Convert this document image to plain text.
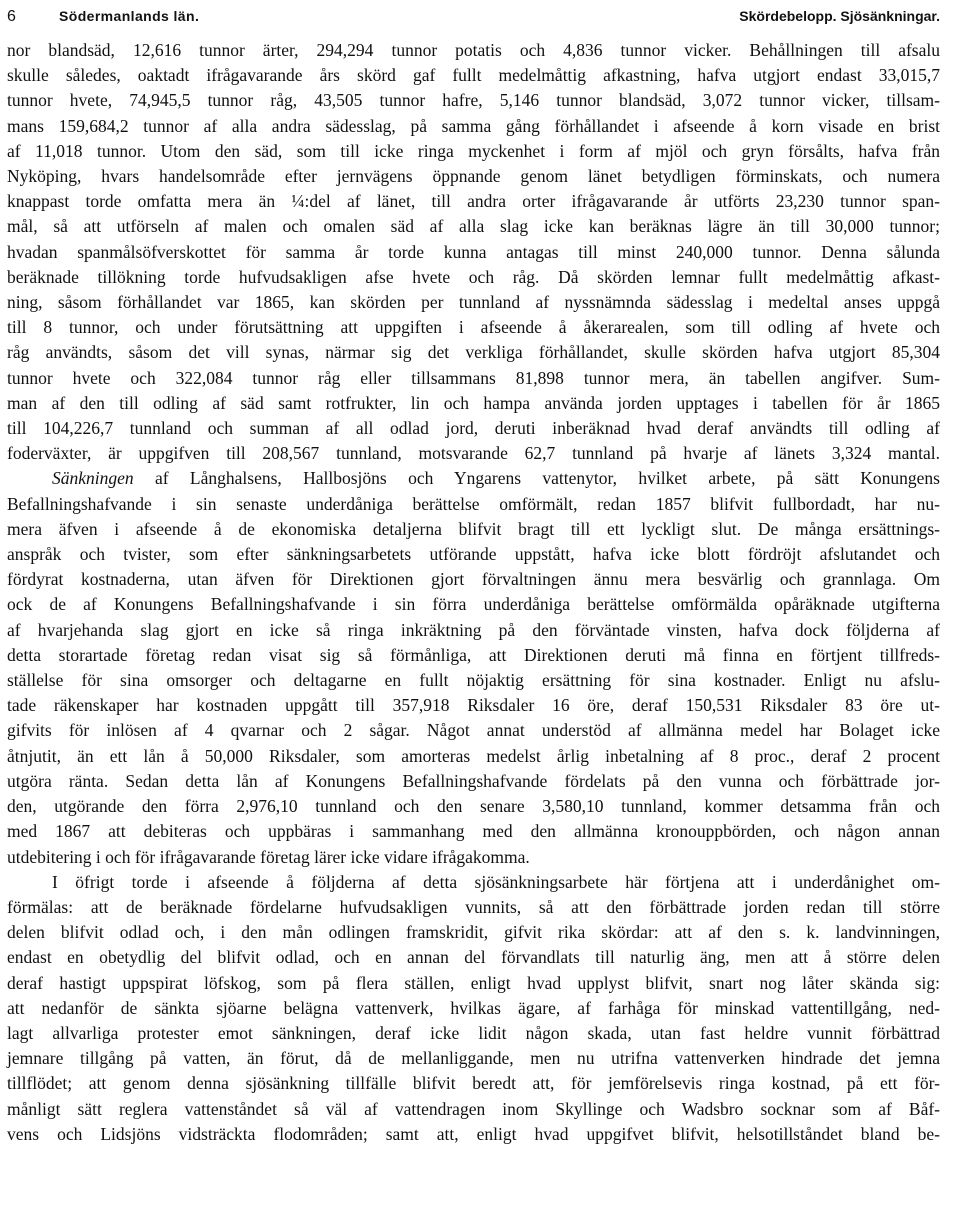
6	Södermanlands län.	Skördebelopp. Sjösänkningar.
nor blandsäd, 12,616 tunnor ärter, 294,294 tunnor potatis och 4,836 tunnor vicker. Behållningen till afsalu
skulle således, oaktadt ifrågavarande års skörd gaf fullt medelmåttig afkastning, hafva utgjort endast 33,015,7
tunnor hvete, 74,945,5 tunnor råg, 43,505 tunnor hafre, 5,146 tunnor blandsäd, 3,072 tunnor vicker, tillsam-
mans 159,684,2 tunnor af alla andra sädesslag, på samma gång förhållandet i afseende å korn visade en brist
af 11,018 tunnor. Utom den säd, som till icke ringa myckenhet i form af mjöl och gryn försålts, hafva från
Nyköping, hvars handelsområde efter jernvägens öppnande genom länet betydligen förminskats, och numera
knappast torde omfatta mera än ¼:del af länet, till andra orter ifrågavarande år utförts 23,230 tunnor span-
mål, så att utförseln af malen och omalen säd af alla slag icke kan beräknas lägre än till 30,000 tunnor;
hvadan spanmålsöfverskottet för samma år torde kunna antagas till minst 240,000 tunnor. Denna sålunda
beräknade tillökning torde hufvudsakligen afse hvete och råg. Då skörden lemnar fullt medelmåttig afkast-
ning, såsom förhållandet var 1865, kan skörden per tunnland af nyssnämnda sädesslag i medeltal anses uppgå
till 8 tunnor, och under förutsättning att uppgiften i afseende å åkerarealen, som till odling af hvete och
råg användts, såsom det vill synas, närmar sig det verkliga förhållandet, skulle skörden hafva utgjort 85,304
tunnor hvete och 322,084 tunnor råg eller tillsammans 81,898 tunnor mera, än tabellen angifver. Sum-
man af den till odling af säd samt rotfrukter, lin och hampa använda jorden upptages i tabellen för år 1865
till 104,226,7 tunnland och summan af all odlad jord, deruti inberäknad hvad deraf användts till odling af
foderväxter, är uppgifven till 208,567 tunnland, motsvarande 62,7 tunnland på hvarje af länets 3,324 mantal.
Sänkningen af Långhalsens, Hallbosjöns och Yngarens vattenytor, hvilket arbete, på sätt Konungens
Befallningshafvande i sin senaste underdåniga berättelse omförmält, redan 1857 blifvit fullbordadt, har nu-
mera äfven i afseende å de ekonomiska detaljerna blifvit bragt till ett lyckligt slut. De många ersättnings-
anspråk och tvister, som efter sänkningsarbetets utförande uppstått, hafva icke blott fördröjt afslutandet och
fördyrat kostnaderna, utan äfven för Direktionen gjort förvaltningen ännu mera besvärlig och grannlaga. Om
ock de af Konungens Befallningshafvande i sin förra underdåniga berättelse omförmälda opåräknade utgifterna
af hvarjehanda slag gjort en icke så ringa inkräktning på den förväntade vinsten, hafva dock följderna af
detta storartade företag redan visat sig så förmånliga, att Direktionen deruti må finna en förtjent tillfreds-
ställelse för sina omsorger och deltagarne en fullt nöjaktig ersättning för sina kostnader. Enligt nu afslu-
tade räkenskaper har kostnaden uppgått till 357,918 Riksdaler 16 öre, deraf 150,531 Riksdaler 83 öre ut-
gifvits för inlösen af 4 qvarnar och 2 sågar. Något annat understöd af allmänna medel har Bolaget icke
åtnjutit, än ett lån å 50,000 Riksdaler, som amorteras medelst årlig inbetalning af 8 proc., deraf 2 procent
utgöra ränta. Sedan detta lån af Konungens Befallningshafvande fördelats på den vunna och förbättrade jor-
den, utgörande den förra 2,976,10 tunnland och den senare 3,580,10 tunnland, kommer detsamma från och
med 1867 att debiteras och uppbäras i sammanhang med den allmänna kronouppbörden, och någon annan
utdebitering i och för ifrågavarande företag lärer icke vidare ifrågakomma.
I öfrigt torde i afseende å följderna af detta sjösänkningsarbete här förtjena att i underdånighet om-
förmälas: att de beräknade fördelarne hufvudsakligen vunnits, så att den förbättrade jorden redan till större
delen blifvit odlad och, i den mån odlingen framskridit, gifvit rika skördar: att af den s. k. landvinningen,
endast en obetydlig del blifvit odlad, och en annan del förvandlats till naturlig äng, men att å större delen
deraf hastigt uppspirat löfskog, som på flera ställen, enligt hvad upplyst blifvit, snart nog låter skända sig:
att nedanför de sänkta sjöarne belägna vattenverk, hvilkas ägare, af farhåga för minskad vattentillgång, ned-
lagt allvarliga protester emot sänkningen, deraf icke lidit någon skada, utan fast heldre vunnit förbättrad
jemnare tillgång på vatten, än förut, då de mellanliggande, men nu utrifna vattenverken hindrade det jemna
tillflödet; att genom denna sjösänkning tillfälle blifvit beredt att, för jemförelsevis ringa kostnad, på ett för-
månligt sätt reglera vattenståndet så väl af vattendragen inom Skyllinge och Wadsbro socknar som af Båf-
vens och Lidsjöns vidsträckta flodområden; samt att, enligt hvad uppgifvet blifvit, helsotillståndet bland be-
